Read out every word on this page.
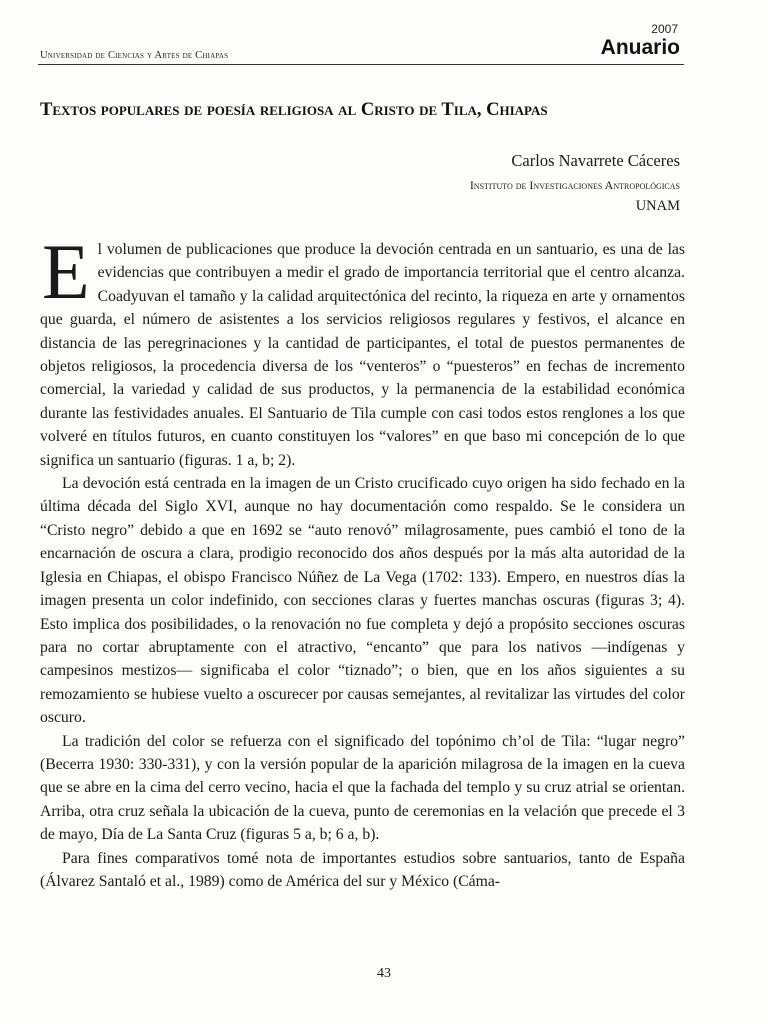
2007
Anuario
Universidad de Ciencias y Artes de Chiapas
Textos populares de poesía religiosa al Cristo de Tila, Chiapas
Carlos Navarrete Cáceres
Instituto de Investigaciones Antropológicas
UNAM

El volumen de publicaciones que produce la devoción centrada en un santuario, es una de las evidencias que contribuyen a medir el grado de importancia territorial que el centro alcanza. Coadyuvan el tamaño y la calidad arquitectónica del recinto, la riqueza en arte y ornamentos que guarda, el número de asistentes a los servicios religiosos regulares y festivos, el alcance en distancia de las peregrinaciones y la cantidad de participantes, el total de puestos permanentes de objetos religiosos, la procedencia diversa de los “venteros” o “puesteros” en fechas de incremento comercial, la variedad y calidad de sus productos, y la permanencia de la estabilidad económica durante las festividades anuales. El Santuario de Tila cumple con casi todos estos renglones a los que volveré en títulos futuros, en cuanto constituyen los “valores” en que baso mi concepción de lo que significa un santuario (figuras. 1 a, b; 2).

La devoción está centrada en la imagen de un Cristo crucificado cuyo origen ha sido fechado en la última década del Siglo XVI, aunque no hay documentación como respaldo. Se le considera un “Cristo negro” debido a que en 1692 se “auto renovó” milagrosamente, pues cambió el tono de la encarnación de oscura a clara, prodigio reconocido dos años después por la más alta autoridad de la Iglesia en Chiapas, el obispo Francisco Núñez de La Vega (1702: 133). Empero, en nuestros días la imagen presenta un color indefinido, con secciones claras y fuertes manchas oscuras (figuras 3; 4). Esto implica dos posibilidades, o la renovación no fue completa y dejó a propósito secciones oscuras para no cortar abruptamente con el atractivo, “encanto” que para los nativos —indígenas y campesinos mestizos— significaba el color “tiznado”; o bien, que en los años siguientes a su remozamiento se hubiese vuelto a oscurecer por causas semejantes, al revitalizar las virtudes del color oscuro.

La tradición del color se refuerza con el significado del topónimo ch’ol de Tila: “lugar negro” (Becerra 1930: 330-331), y con la versión popular de la aparición milagrosa de la imagen en la cueva que se abre en la cima del cerro vecino, hacia el que la fachada del templo y su cruz atrial se orientan. Arriba, otra cruz señala la ubicación de la cueva, punto de ceremonias en la velación que precede el 3 de mayo, Día de La Santa Cruz (figuras 5 a, b; 6 a, b).

Para fines comparativos tomé nota de importantes estudios sobre santuarios, tanto de España (Álvarez Santaló et al., 1989) como de América del sur y México (Cáma-

43
